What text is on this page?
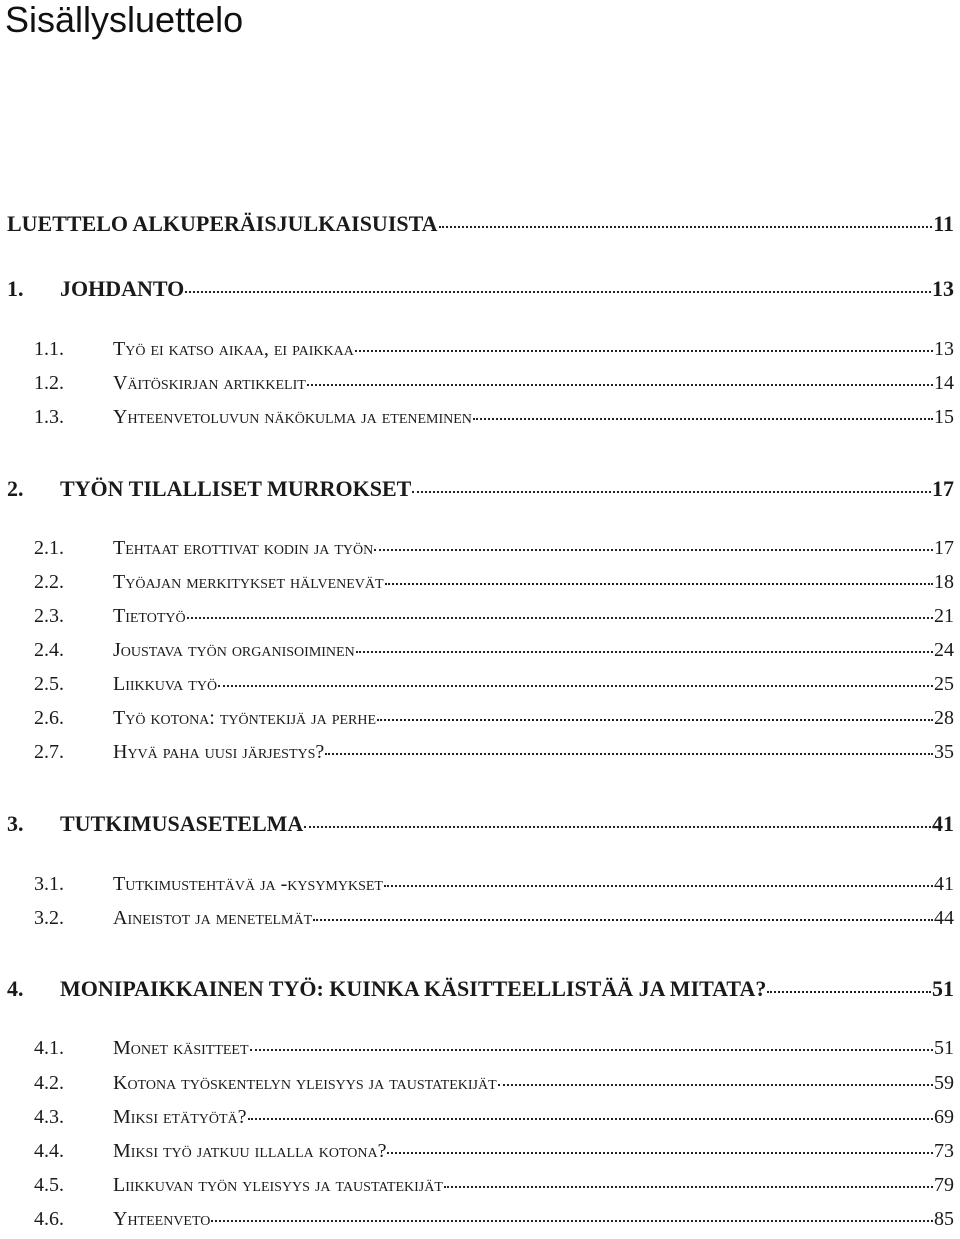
Sisällysluettelo
LUETTELO ALKUPERÄISJULKAISUISTA	11
1.	JOHDANTO	13
1.1.	Työ ei katso aikaa, ei paikkaa	13
1.2.	Väitöskirjan artikkelit	14
1.3.	Yhteenvetoluvun näkökulma ja eteneminen	15
2.	TYÖN TILALLISET MURROKSET	17
2.1.	Tehtaat erottivat kodin ja työn	17
2.2.	Työajan merkitykset hälvenevät	18
2.3.	Tietotyö	21
2.4.	Joustava työn organisoiminen	24
2.5.	Liikkuva työ	25
2.6.	Työ kotona: työntekijä ja perhe	28
2.7.	Hyvä paha uusi järjestys?	35
3.	TUTKIMUSASETELMA	41
3.1.	Tutkimustehtävä ja -kysymykset	41
3.2.	Aineistot ja menetelmät	44
4.	MONIPAIKKAINEN TYÖ: KUINKA KÄSITTEELLISTÄÄ JA MITATA?	51
4.1.	Monet käsitteet	51
4.2.	Kotona työskentelyn yleisyys ja taustatekijät	59
4.3.	Miksi etätyötä?	69
4.4.	Miksi työ jatkuu illalla kotona?	73
4.5.	Liikkuvan työn yleisyys ja taustatekijät	79
4.6.	Yhteenveto	85
